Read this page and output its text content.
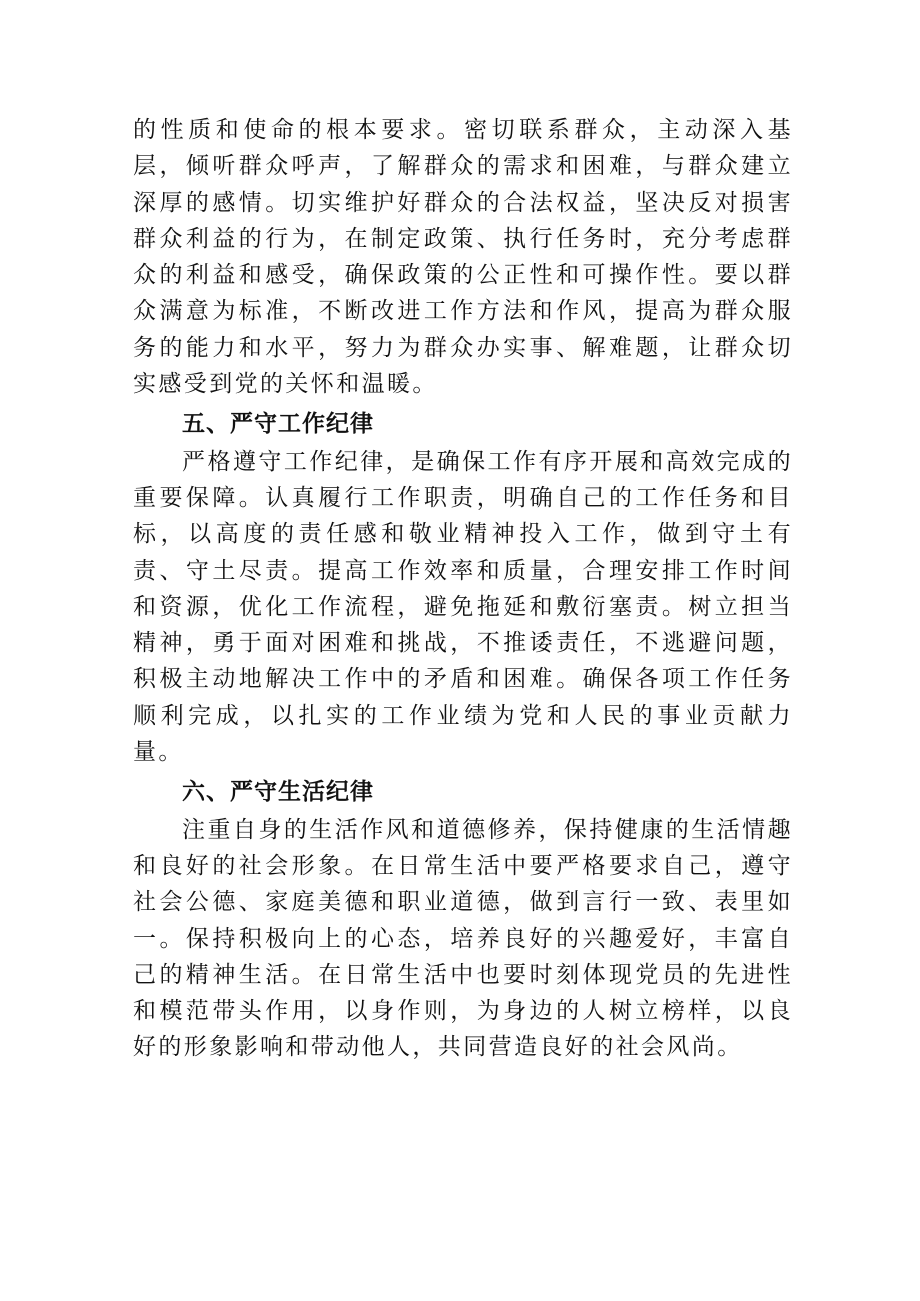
的性质和使命的根本要求。密切联系群众，主动深入基层，倾听群众呼声，了解群众的需求和困难，与群众建立深厚的感情。切实维护好群众的合法权益，坚决反对损害群众利益的行为，在制定政策、执行任务时，充分考虑群众的利益和感受，确保政策的公正性和可操作性。要以群众满意为标准，不断改进工作方法和作风，提高为群众服务的能力和水平，努力为群众办实事、解难题，让群众切实感受到党的关怀和温暖。

五、严守工作纪律

严格遵守工作纪律，是确保工作有序开展和高效完成的重要保障。认真履行工作职责，明确自己的工作任务和目标，以高度的责任感和敬业精神投入工作，做到守土有责、守土尽责。提高工作效率和质量，合理安排工作时间和资源，优化工作流程，避免拖延和敷衍塞责。树立担当精神，勇于面对困难和挑战，不推诿责任，不逃避问题，积极主动地解决工作中的矛盾和困难。确保各项工作任务顺利完成，以扎实的工作业绩为党和人民的事业贡献力量。

六、严守生活纪律

注重自身的生活作风和道德修养，保持健康的生活情趣和良好的社会形象。在日常生活中要严格要求自己，遵守社会公德、家庭美德和职业道德，做到言行一致、表里如一。保持积极向上的心态，培养良好的兴趣爱好，丰富自己的精神生活。在日常生活中也要时刻体现党员的先进性和模范带头作用，以身作则，为身边的人树立榜样，以良好的形象影响和带动他人，共同营造良好的社会风尚。
